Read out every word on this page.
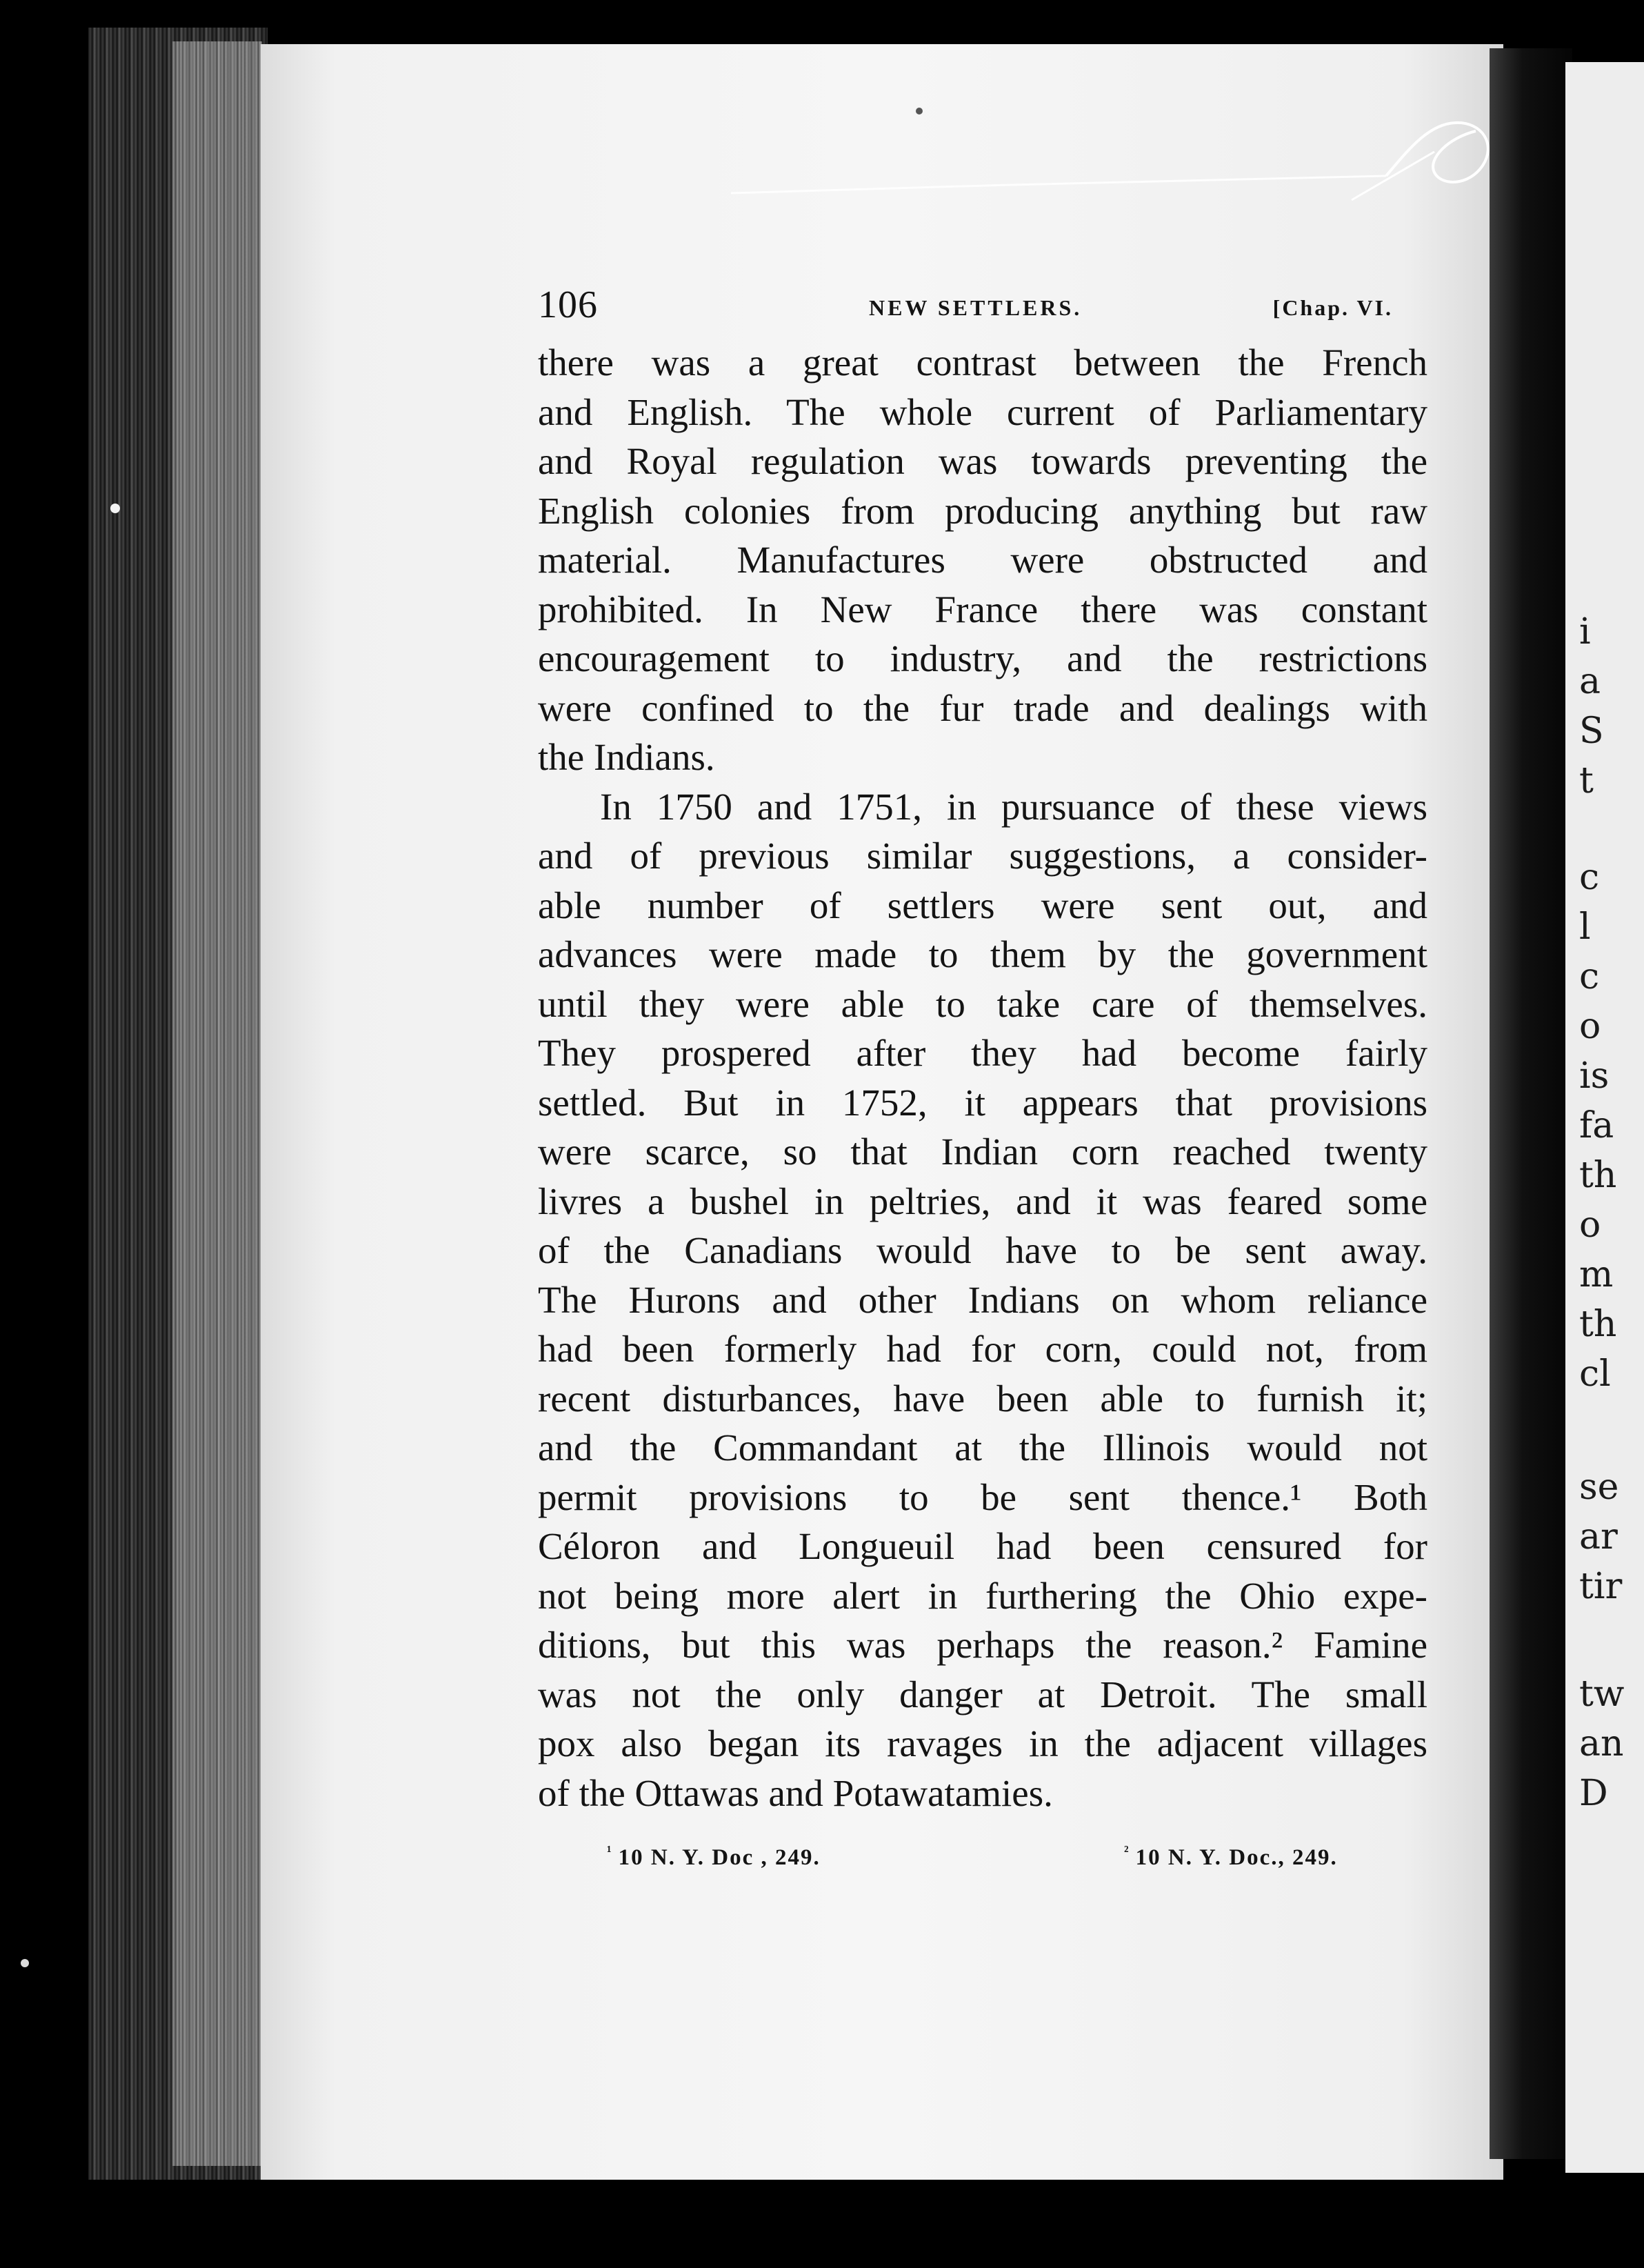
i
a
S
t
c
l
c
o
is
fa
th
o
m
th
cl
se
ar
tir
tw
an
D
106	NEW SETTLERS.	[Chap. VI.

there was a great contrast between the French
and English. The whole current of Parliamentary
and Royal regulation was towards preventing the
English colonies from producing anything but raw
material. Manufactures were obstructed and
prohibited. In New France there was constant
encouragement to industry, and the restrictions
were confined to the fur trade and dealings with
the Indians.

In 1750 and 1751, in pursuance of these views
and of previous similar suggestions, a consider-
able number of settlers were sent out, and
advances were made to them by the government
until they were able to take care of themselves.
They prospered after they had become fairly
settled. But in 1752, it appears that provisions
were scarce, so that Indian corn reached twenty
livres a bushel in peltries, and it was feared some
of the Canadians would have to be sent away.
The Hurons and other Indians on whom reliance
had been formerly had for corn, could not, from
recent disturbances, have been able to furnish it;
and the Commandant at the Illinois would not
permit provisions to be sent thence.¹ Both
Céloron and Longueuil had been censured for
not being more alert in furthering the Ohio expe-
ditions, but this was perhaps the reason.² Famine
was not the only danger at Detroit. The small
pox also began its ravages in the adjacent villages
of the Ottawas and Potawatamies.

$^{^1}$ 10 N. Y. Doc , 249.	$^{^2}$ 10 N. Y. Doc., 249.
